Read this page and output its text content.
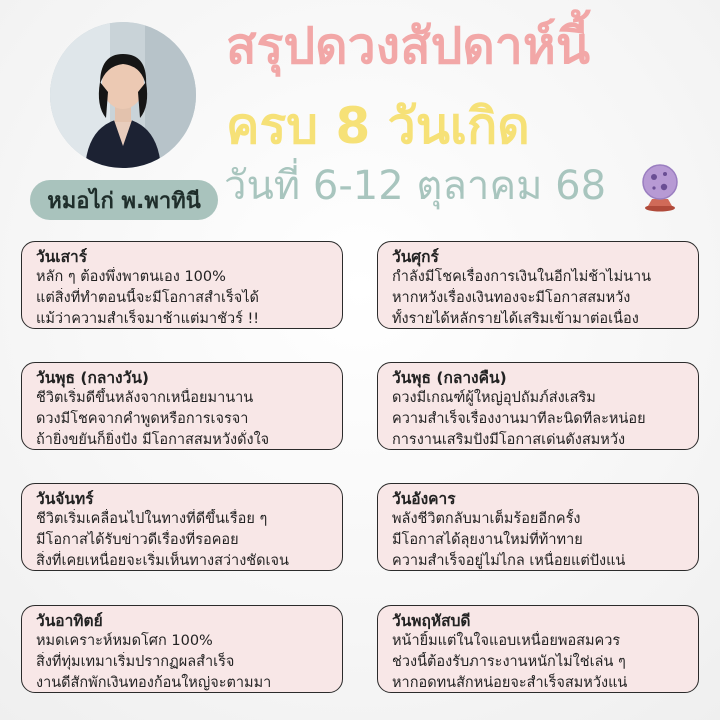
หมอไก่ พ.พาทินี
สรุปดวงสัปดาห์นี้
ครบ 8 วันเกิด
วันที่ 6-12 ตุลาคม 68
วันเสาร์
หลัก ๆ ต้องพึ่งพาตนเอง 100%
แต่สิ่งที่ทำตอนนี้จะมีโอกาสสำเร็จได้
แม้ว่าความสำเร็จมาช้าแต่มาชัวร์ !!
วันศุกร์
กำลังมีโชคเรื่องการเงินในอีกไม่ช้าไม่นาน
หากหวังเรื่องเงินทองจะมีโอกาสสมหวัง
ทั้งรายได้หลักรายได้เสริมเข้ามาต่อเนื่อง
วันพุธ (กลางวัน)
ชีวิตเริ่มดีขึ้นหลังจากเหนื่อยมานาน
ดวงมีโชคจากคำพูดหรือการเจรจา
ถ้ายิ่งขยันก็ยิ่งปัง มีโอกาสสมหวังดั่งใจ
วันพุธ (กลางคืน)
ดวงมีเกณฑ์ผู้ใหญ่อุปถัมภ์ส่งเสริม
ความสำเร็จเรื่องงานมาทีละนิดทีละหน่อย
การงานเสริมปังมีโอกาสเด่นดังสมหวัง
วันจันทร์
ชีวิตเริ่มเคลื่อนไปในทางที่ดีขึ้นเรื่อย ๆ
มีโอกาสได้รับข่าวดีเรื่องที่รอคอย
สิ่งที่เคยเหนื่อยจะเริ่มเห็นทางสว่างชัดเจน
วันอังคาร
พลังชีวิตกลับมาเต็มร้อยอีกครั้ง
มีโอกาสได้ลุยงานใหม่ที่ท้าทาย
ความสำเร็จอยู่ไม่ไกล เหนื่อยแต่ปังแน่
วันอาทิตย์
หมดเคราะห์หมดโศก 100%
สิ่งที่ทุ่มเทมาเริ่มปรากฏผลสำเร็จ
งานดีสักพักเงินทองก้อนใหญ่จะตามมา
วันพฤหัสบดี
หน้ายิ้มแต่ในใจแอบเหนื่อยพอสมควร
ช่วงนี้ต้องรับภาระงานหนักไม่ใช่เล่น ๆ
หากอดทนสักหน่อยจะสำเร็จสมหวังแน่
